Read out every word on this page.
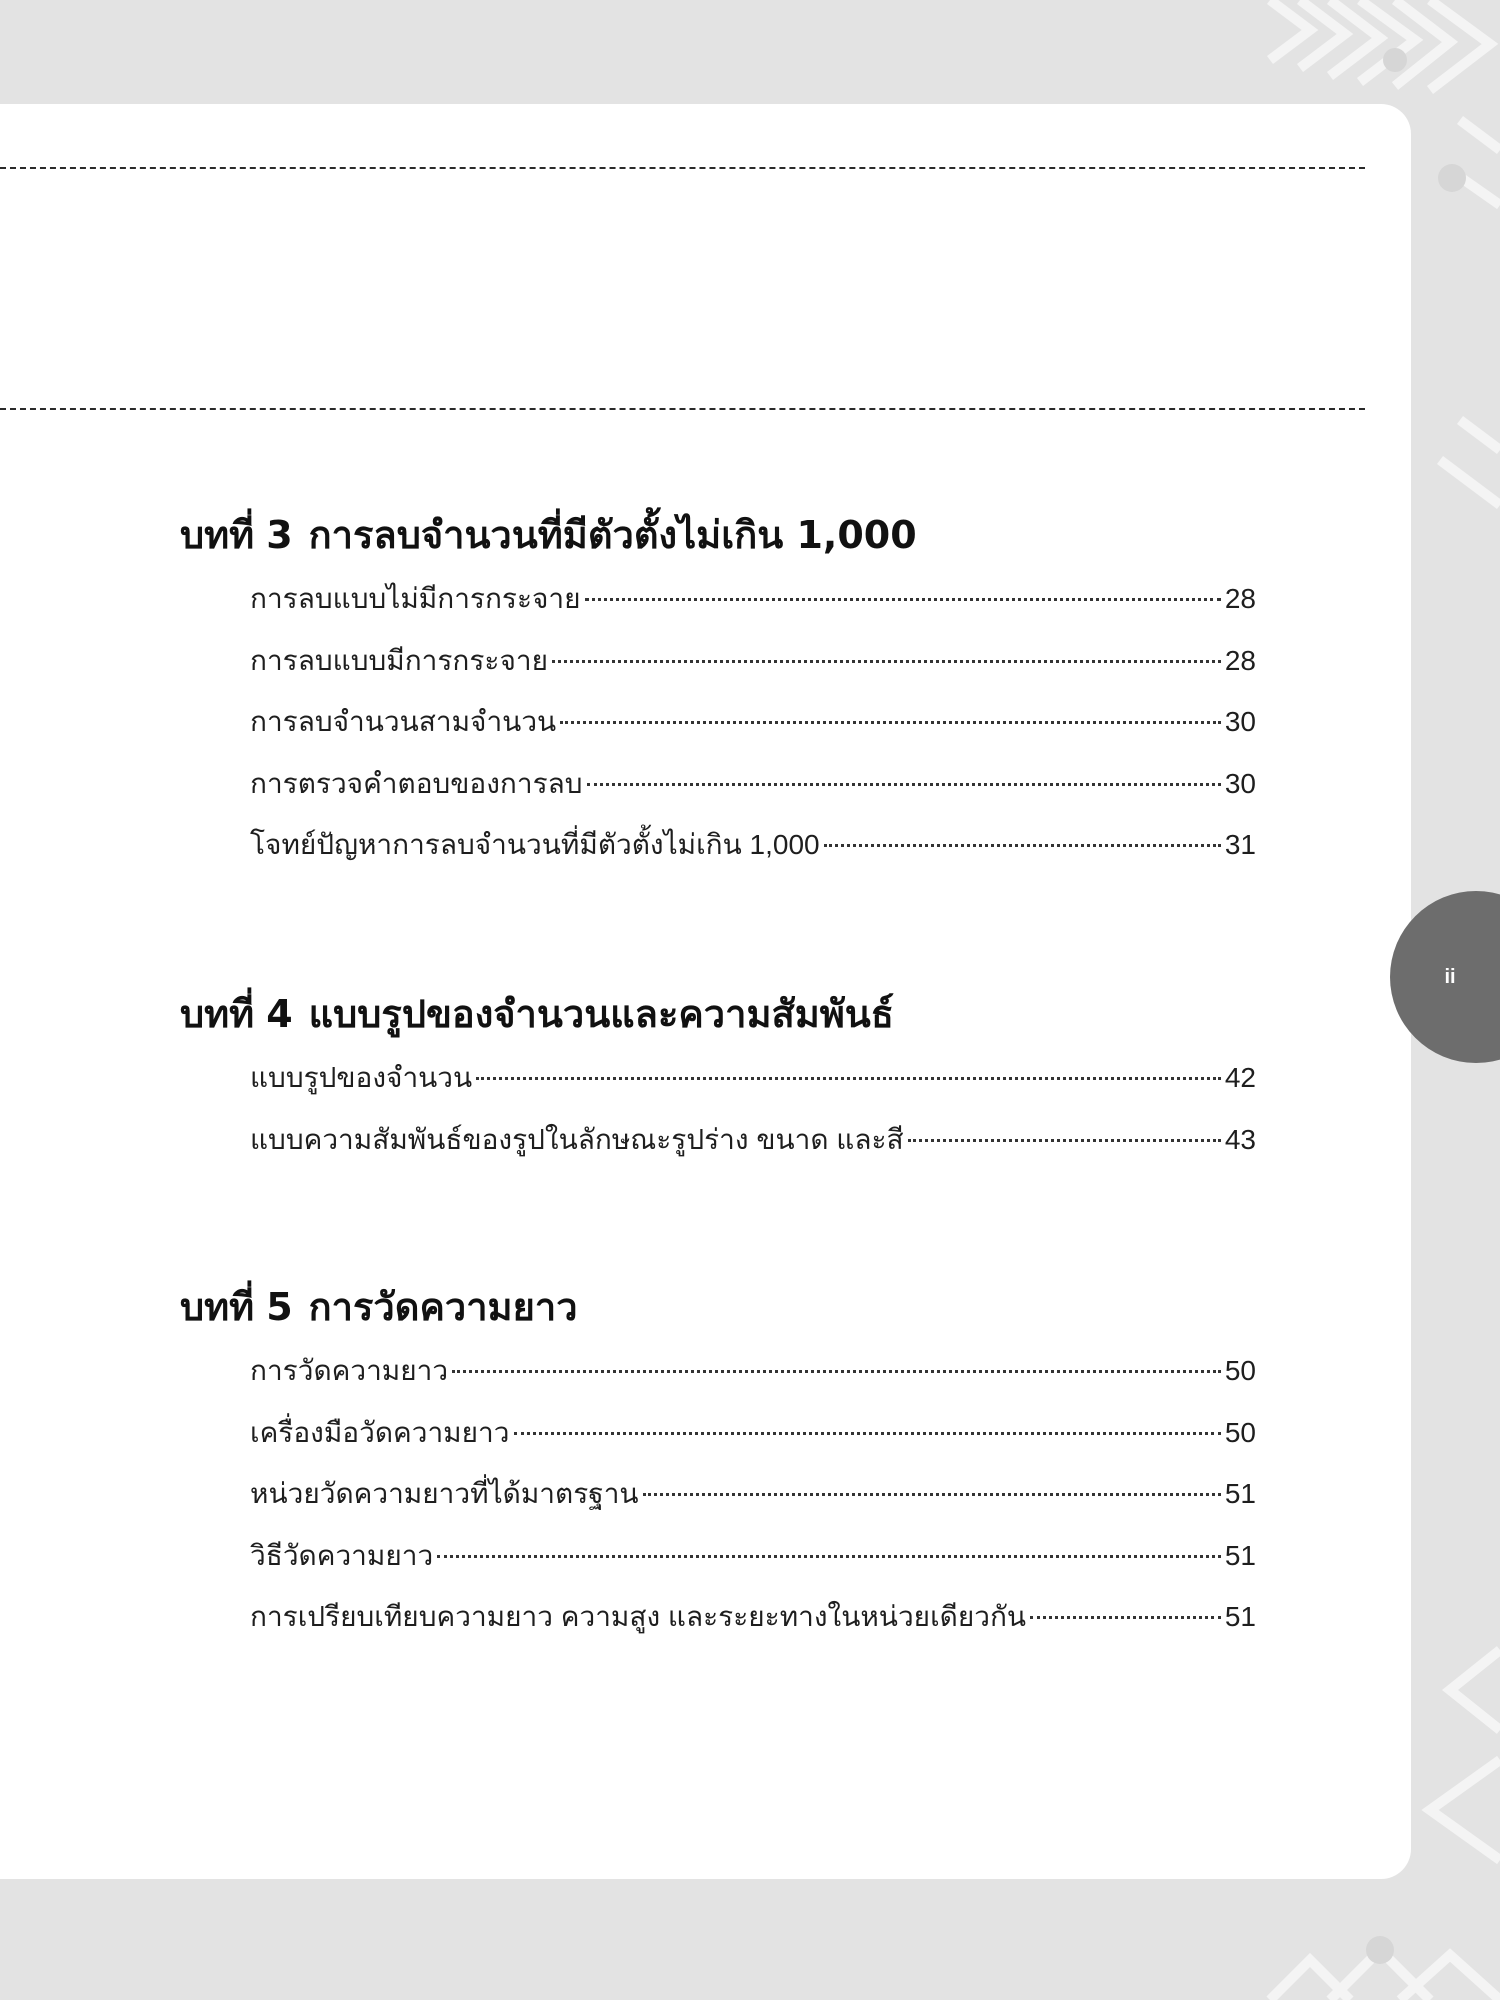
บทที่ 3 การลบจำนวนที่มีตัวตั้งไม่เกิน 1,000
การลบแบบไม่มีการกระจาย	28
การลบแบบมีการกระจาย	28
การลบจำนวนสามจำนวน	30
การตรวจคำตอบของการลบ	30
โจทย์ปัญหาการลบจำนวนที่มีตัวตั้งไม่เกิน 1,000	31
บทที่ 4 แบบรูปของจำนวนและความสัมพันธ์
แบบรูปของจำนวน	42
แบบความสัมพันธ์ของรูปในลักษณะรูปร่าง ขนาด และสี	43
บทที่ 5 การวัดความยาว
การวัดความยาว	50
เครื่องมือวัดความยาว	50
หน่วยวัดความยาวที่ได้มาตรฐาน	51
วิธีวัดความยาว	51
การเปรียบเทียบความยาว ความสูง และระยะทางในหน่วยเดียวกัน	51
ii
